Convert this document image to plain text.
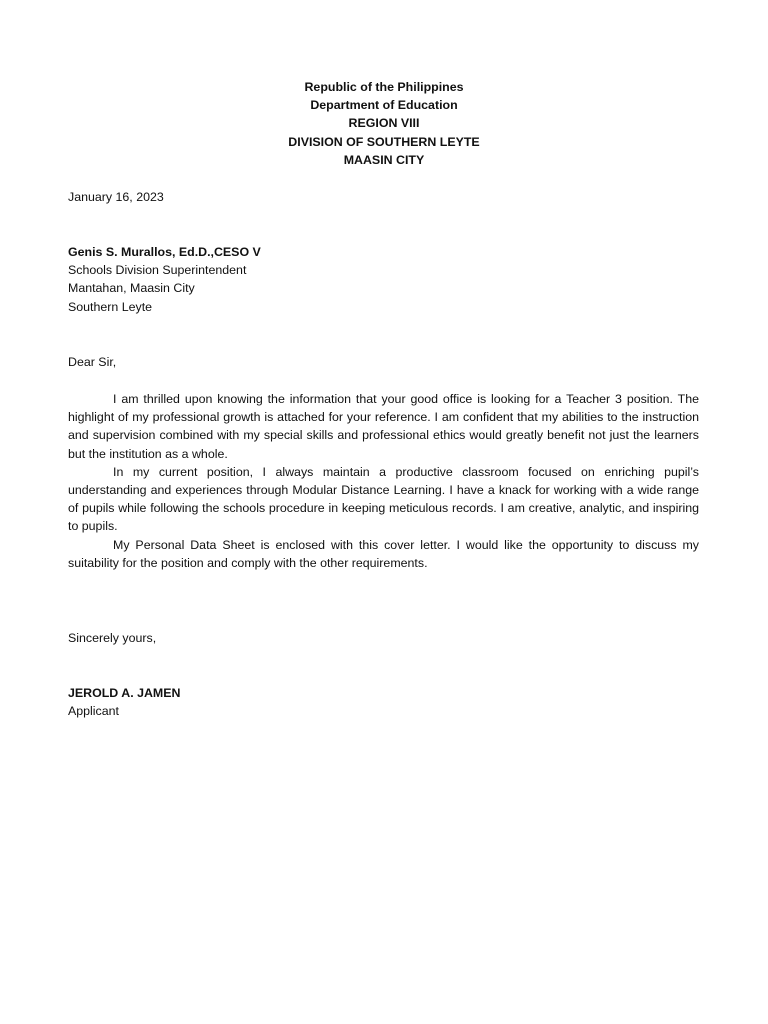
Republic of the Philippines
Department of Education
REGION VIII
DIVISION OF SOUTHERN LEYTE
MAASIN CITY
January 16, 2023
Genis S. Murallos, Ed.D.,CESO V
Schools Division Superintendent
Mantahan, Maasin City
Southern Leyte
Dear Sir,

I am thrilled upon knowing the information that your good office is looking for a Teacher 3 position. The highlight of my professional growth is attached for your reference. I am confident that my abilities to the instruction and supervision combined with my special skills and professional ethics would greatly benefit not just the learners but the institution as a whole.

In my current position, I always maintain a productive classroom focused on enriching pupil’s understanding and experiences through Modular Distance Learning. I have a knack for working with a wide range of pupils while following the schools procedure in keeping meticulous records. I am creative, analytic, and inspiring to pupils.

My Personal Data Sheet is enclosed with this cover letter. I would like the opportunity to discuss my suitability for the position and comply with the other requirements.

Sincerely yours,
JEROLD A. JAMEN
Applicant
